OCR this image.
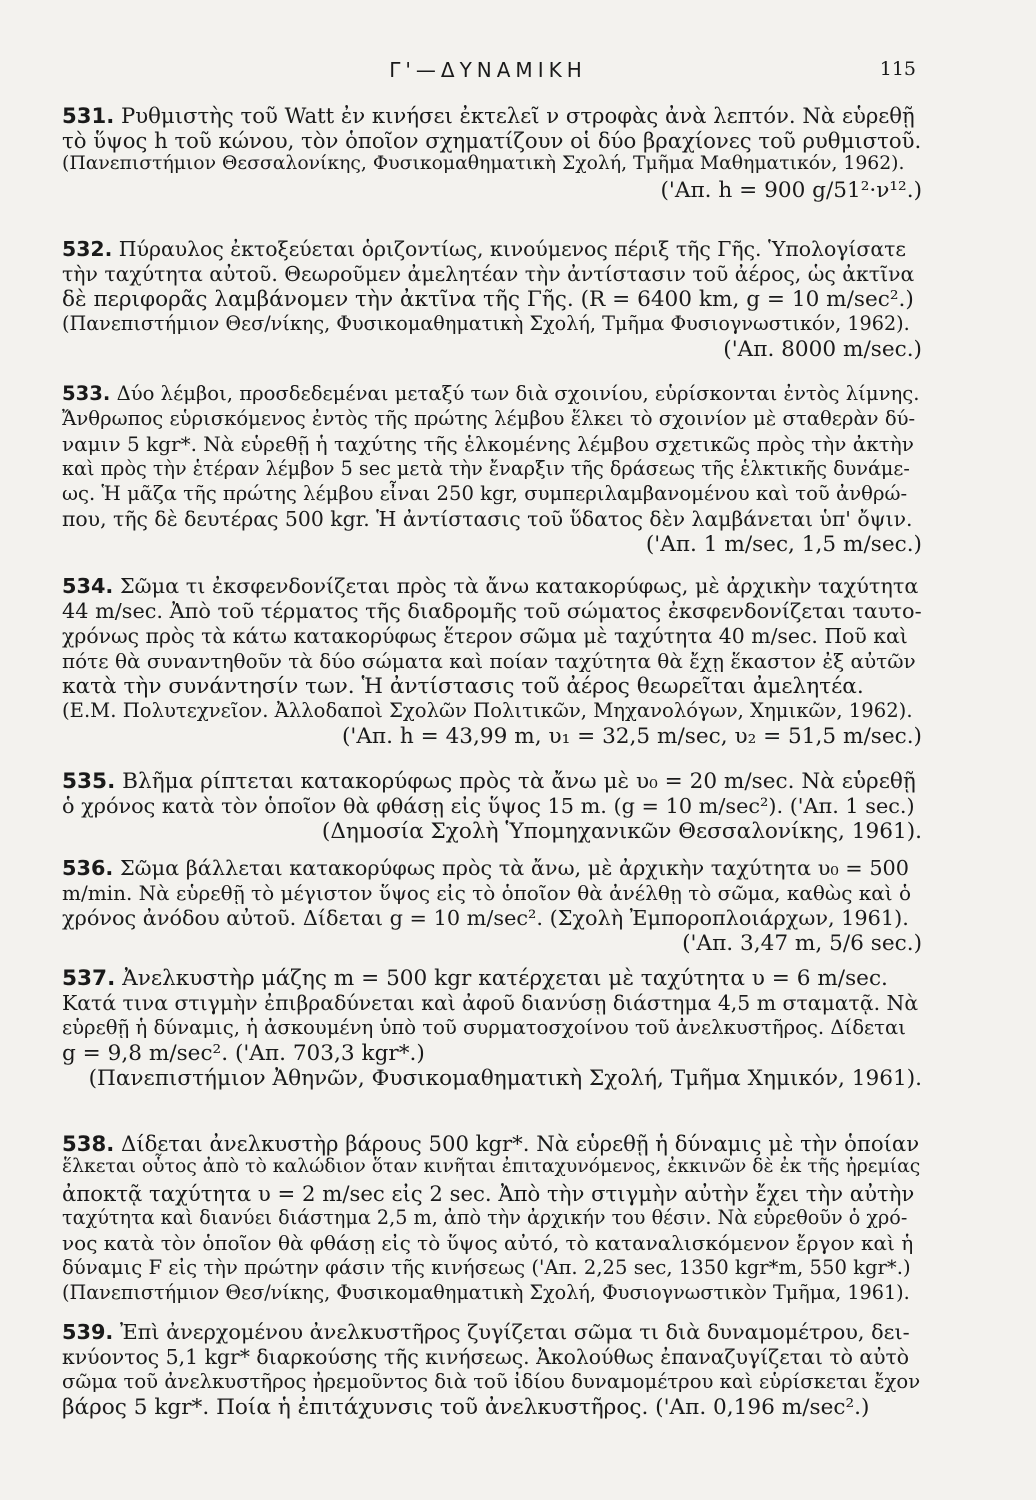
Γ'—ΔΥΝΑΜΙΚΗ	115
531. Ρυθμιστὴς τοῦ Watt ἐν κινήσει ἐκτελεῖ ν στροφὰς ἀνὰ λεπτόν. Νὰ εὑρεθῇ
τὸ ὕψος h τοῦ κώνου, τὸν ὁποῖον σχηματίζουν οἱ δύο βραχίονες τοῦ ρυθμιστοῦ.
(Πανεπιστήμιον Θεσσαλονίκης, Φυσικομαθηματικὴ Σχολή, Τμῆμα Μαθηματικόν, 1962).
('Απ. h = 900 g/51²·ν¹².)
532. Πύραυλος ἐκτοξεύεται ὁριζοντίως, κινούμενος πέριξ τῆς Γῆς. Ὑπολογίσατε
τὴν ταχύτητα αὐτοῦ. Θεωροῦμεν ἀμελητέαν τὴν ἀντίστασιν τοῦ ἀέρος, ὡς ἀκτῖνα
δὲ περιφορᾶς λαμβάνομεν τὴν ἀκτῖνα τῆς Γῆς. (R = 6400 km, g = 10 m/sec².)
(Πανεπιστήμιον Θεσ/νίκης, Φυσικομαθηματικὴ Σχολή, Τμῆμα Φυσιογνωστικόν, 1962).
('Απ. 8000 m/sec.)
533. Δύο λέμβοι, προσδεδεμέναι μεταξύ των διὰ σχοινίου, εὑρίσκονται ἐντὸς λίμνης.
Ἄνθρωπος εὑρισκόμενος ἐντὸς τῆς πρώτης λέμβου ἕλκει τὸ σχοινίον μὲ σταθερὰν δύ-
ναμιν 5 kgr*. Νὰ εὑρεθῇ ἡ ταχύτης τῆς ἑλκομένης λέμβου σχετικῶς πρὸς τὴν ἀκτὴν
καὶ πρὸς τὴν ἑτέραν λέμβον 5 sec μετὰ τὴν ἔναρξιν τῆς δράσεως τῆς ἑλκτικῆς δυνάμε-
ως. Ἡ μᾶζα τῆς πρώτης λέμβου εἶναι 250 kgr, συμπεριλαμβανομένου καὶ τοῦ ἀνθρώ-
που, τῆς δὲ δευτέρας 500 kgr. Ἡ ἀντίστασις τοῦ ὕδατος δὲν λαμβάνεται ὑπ' ὄψιν.
('Απ. 1 m/sec, 1,5 m/sec.)
534. Σῶμα τι ἐκσφενδονίζεται πρὸς τὰ ἄνω κατακορύφως, μὲ ἀρχικὴν ταχύτητα
44 m/sec. Ἀπὸ τοῦ τέρματος τῆς διαδρομῆς τοῦ σώματος ἐκσφενδονίζεται ταυτο-
χρόνως πρὸς τὰ κάτω κατακορύφως ἕτερον σῶμα μὲ ταχύτητα 40 m/sec. Ποῦ καὶ
πότε θὰ συναντηθοῦν τὰ δύο σώματα καὶ ποίαν ταχύτητα θὰ ἔχῃ ἕκαστον ἐξ αὐτῶν
κατὰ τὴν συνάντησίν των. Ἡ ἀντίστασις τοῦ ἀέρος θεωρεῖται ἀμελητέα.
(Ε.Μ. Πολυτεχνεῖον. Ἀλλοδαποὶ Σχολῶν Πολιτικῶν, Μηχανολόγων, Χημικῶν, 1962).
('Απ. h = 43,99 m, υ₁ = 32,5 m/sec, υ₂ = 51,5 m/sec.)
535. Βλῆμα ρίπτεται κατακορύφως πρὸς τὰ ἄνω μὲ υ₀ = 20 m/sec. Νὰ εὑρεθῇ
ὁ χρόνος κατὰ τὸν ὁποῖον θὰ φθάσῃ εἰς ὕψος 15 m. (g = 10 m/sec²). ('Απ. 1 sec.)
(Δημοσία Σχολὴ Ὑπομηχανικῶν Θεσσαλονίκης, 1961).
536. Σῶμα βάλλεται κατακορύφως πρὸς τὰ ἄνω, μὲ ἀρχικὴν ταχύτητα υ₀ = 500
m/min. Νὰ εὑρεθῇ τὸ μέγιστον ὕψος εἰς τὸ ὁποῖον θὰ ἀνέλθῃ τὸ σῶμα, καθὼς καὶ ὁ
χρόνος ἀνόδου αὐτοῦ. Δίδεται g = 10 m/sec². (Σχολὴ Ἐμποροπλοιάρχων, 1961).
('Απ. 3,47 m, 5/6 sec.)
537. Ἀνελκυστὴρ μάζης m = 500 kgr κατέρχεται μὲ ταχύτητα υ = 6 m/sec.
Κατά τινα στιγμὴν ἐπιβραδύνεται καὶ ἀφοῦ διανύσῃ διάστημα 4,5 m σταματᾷ. Νὰ
εὑρεθῇ ἡ δύναμις, ἡ ἀσκουμένη ὑπὸ τοῦ συρματοσχοίνου τοῦ ἀνελκυστῆρος. Δίδεται
g = 9,8 m/sec². ('Απ. 703,3 kgr*.)
(Πανεπιστήμιον Ἀθηνῶν, Φυσικομαθηματικὴ Σχολή, Τμῆμα Χημικόν, 1961).
538. Δίδεται ἀνελκυστὴρ βάρους 500 kgr*. Νὰ εὑρεθῇ ἡ δύναμις μὲ τὴν ὁποίαν
ἕλκεται οὗτος ἀπὸ τὸ καλώδιον ὅταν κινῆται ἐπιταχυνόμενος, ἐκκινῶν δὲ ἐκ τῆς ἠρεμίας
ἀποκτᾷ ταχύτητα υ = 2 m/sec εἰς 2 sec. Ἀπὸ τὴν στιγμὴν αὐτὴν ἔχει τὴν αὐτὴν
ταχύτητα καὶ διανύει διάστημα 2,5 m, ἀπὸ τὴν ἀρχικήν του θέσιν. Νὰ εὑρεθοῦν ὁ χρό-
νος κατὰ τὸν ὁποῖον θὰ φθάσῃ εἰς τὸ ὕψος αὐτό, τὸ καταναλισκόμενον ἔργον καὶ ἡ
δύναμις F εἰς τὴν πρώτην φάσιν τῆς κινήσεως ('Απ. 2,25 sec, 1350 kgr*m, 550 kgr*.)
(Πανεπιστήμιον Θεσ/νίκης, Φυσικομαθηματικὴ Σχολή, Φυσιογνωστικὸν Τμῆμα, 1961).
539. Ἐπὶ ἀνερχομένου ἀνελκυστῆρος ζυγίζεται σῶμα τι διὰ δυναμομέτρου, δει-
κνύοντος 5,1 kgr* διαρκούσης τῆς κινήσεως. Ἀκολούθως ἐπαναζυγίζεται τὸ αὐτὸ
σῶμα τοῦ ἀνελκυστῆρος ἠρεμοῦντος διὰ τοῦ ἰδίου δυναμομέτρου καὶ εὑρίσκεται ἔχον
βάρος 5 kgr*. Ποία ἡ ἐπιτάχυνσις τοῦ ἀνελκυστῆρος. ('Απ. 0,196 m/sec².)
